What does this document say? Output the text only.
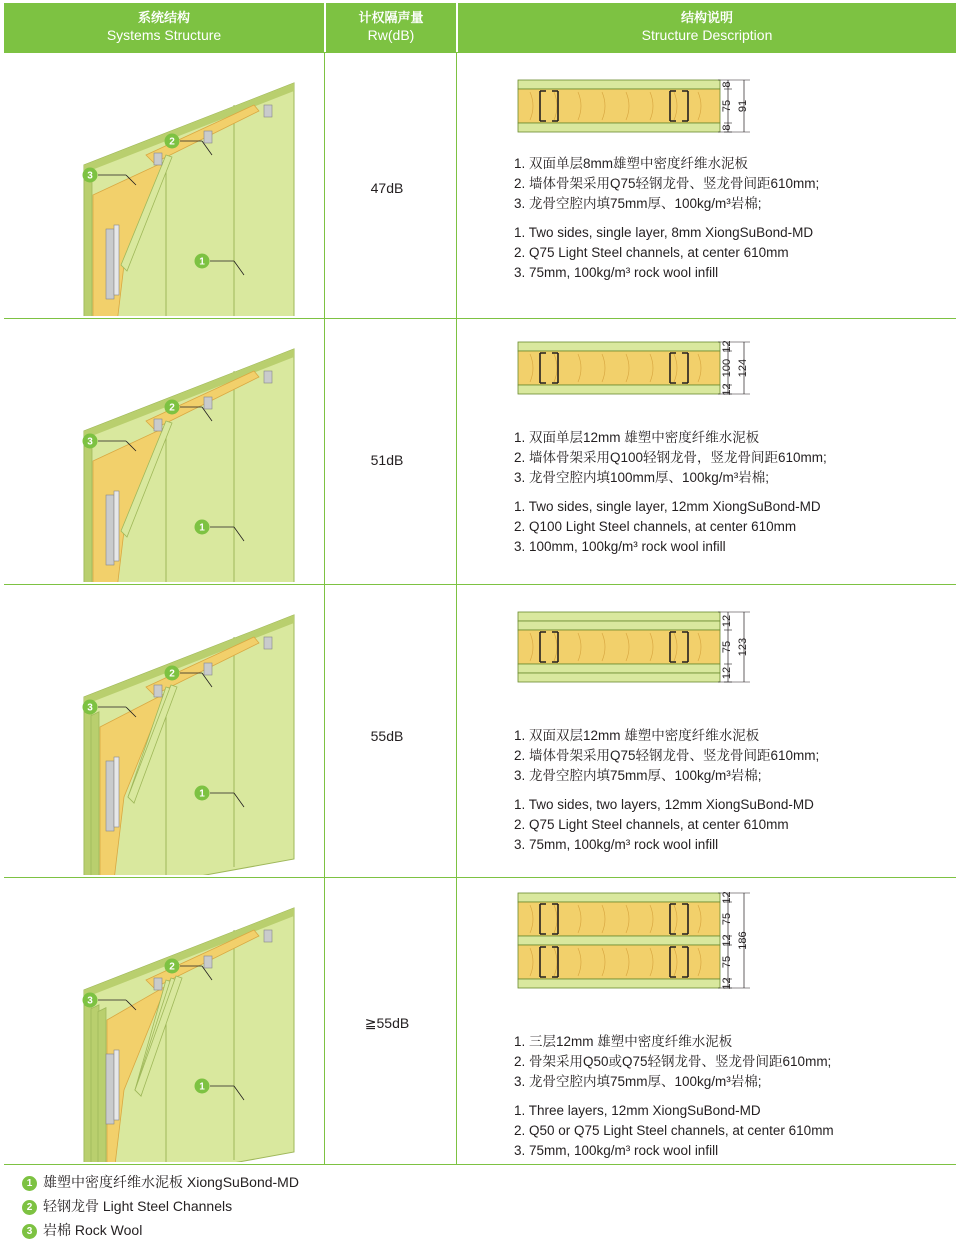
系统结构
Systems Structure
计权隔声量
Rw(dB)
结构说明
Structure Description
1
2
3
1
2
3
1
2
3
1
2
3
1 雄塑中密度纤维水泥板 XiongSuBond-MD
2 轻钢龙骨 Light Steel Channels
3 岩棉 Rock Wool
47dB
8
75
8
91
1. 双面单层8mm雄塑中密度纤维水泥板
2. 墙体骨架采用Q75轻钢龙骨、竖龙骨间距610mm;
3. 龙骨空腔内填75mm厚、100kg/m³岩棉;
1. Two sides, single layer, 8mm XiongSuBond-MD
2. Q75 Light Steel channels, at center 610mm
3. 75mm, 100kg/m³ rock wool infill
51dB
12
100
12
124
1. 双面单层12mm 雄塑中密度纤维水泥板
2. 墙体骨架采用Q100轻钢龙骨，竖龙骨间距610mm;
3. 龙骨空腔内填100mm厚、100kg/m³岩棉;
1. Two sides, single layer, 12mm XiongSuBond-MD
2. Q100 Light Steel channels, at center 610mm
3. 100mm, 100kg/m³ rock wool infill
55dB
12
75
12
123
1. 双面双层12mm 雄塑中密度纤维水泥板
2. 墙体骨架采用Q75轻钢龙骨、竖龙骨间距610mm;
3. 龙骨空腔内填75mm厚、100kg/m³岩棉;
1. Two sides, two layers, 12mm XiongSuBond-MD
2. Q75 Light Steel channels, at center 610mm
3. 75mm, 100kg/m³ rock wool infill
≧55dB
12
75
12
75
12
186
1. 三层12mm 雄塑中密度纤维水泥板
2. 骨架采用Q50或Q75轻钢龙骨、竖龙骨间距610mm;
3. 龙骨空腔内填75mm厚、100kg/m³岩棉;
1. Three layers, 12mm XiongSuBond-MD
2. Q50 or Q75 Light Steel channels, at center 610mm
3. 75mm, 100kg/m³ rock wool infill
